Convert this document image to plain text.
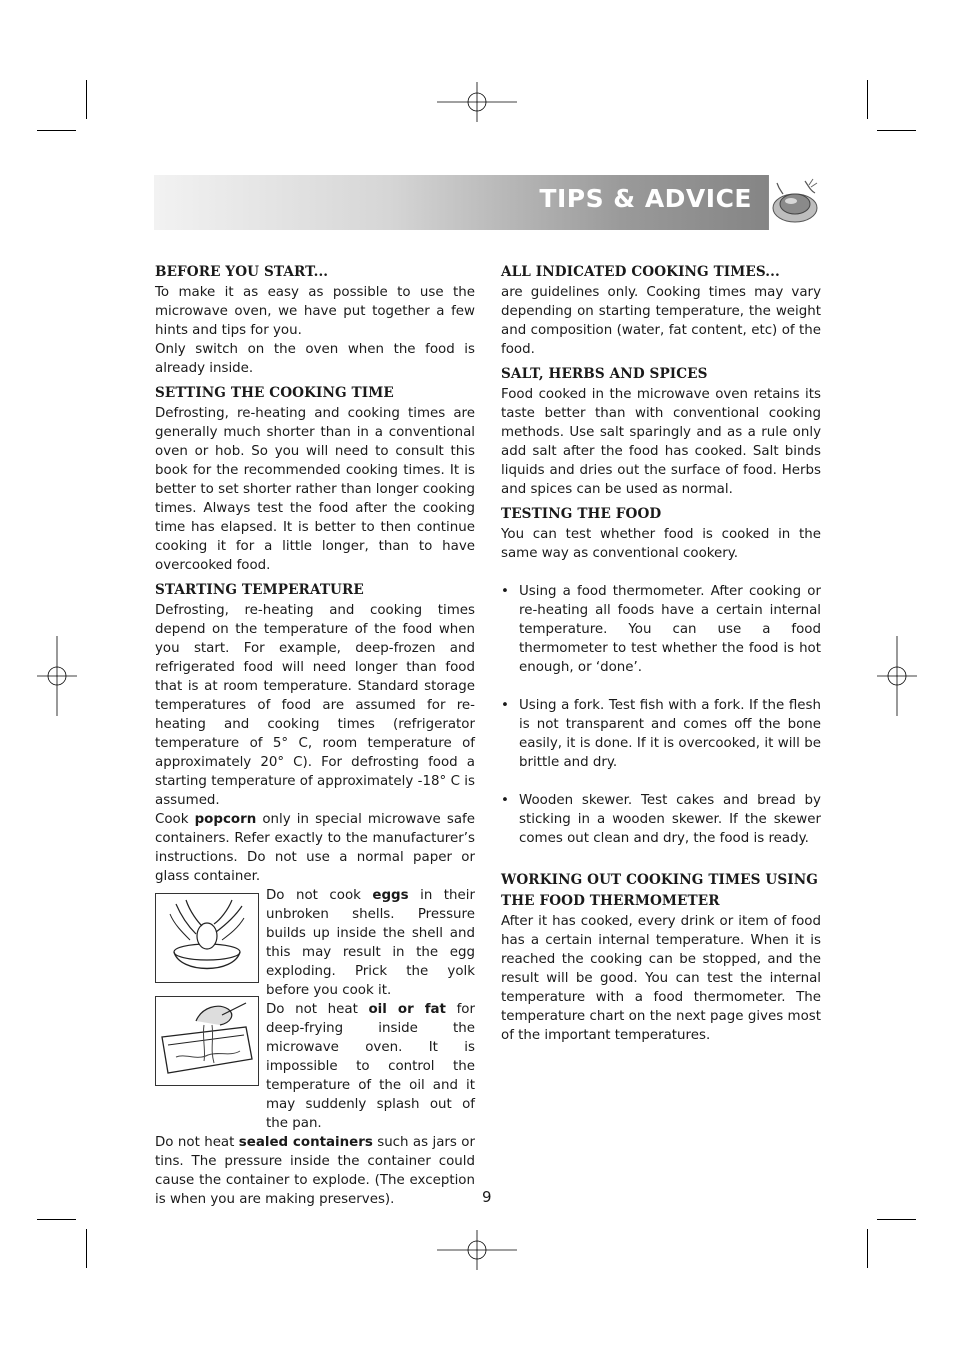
TIPS & ADVICE
BEFORE YOU START...

To make it as easy as possible to use the microwave oven, we have put together a few hints and tips for you.

Only switch on the oven when the food is already inside.

SETTING THE COOKING TIME

Defrosting, re-heating and cooking times are generally much shorter than in a conventional oven or hob. So you will need to consult this book for the recommended cooking times. It is better to set shorter rather than longer cooking times. Always test the food after the cooking time has elapsed. It is better to then continue cooking it for a little longer, than to have overcooked food.

STARTING TEMPERATURE

Defrosting, re-heating and cooking times depend on the temperature of the food when you start. For example, deep-frozen and refrigerated food will need longer than food that is at room temperature. Standard storage temperatures of food are assumed for re-heating and cooking times (refrigerator temperature of 5° C, room temperature of approximately 20° C). For defrosting food a starting temperature of approximately -18° C is assumed.

Cook popcorn only in special microwave safe containers. Refer exactly to the manufacturer’s instructions. Do not use a normal paper or glass container.

Do not cook eggs in their unbroken shells. Pressure builds up inside the shell and this may result in the egg exploding. Prick the yolk before you cook it.

Do not heat oil or fat for deep-frying inside the microwave oven. It is impossible to control the temperature of the oil and it may suddenly splash out of the pan.

Do not heat sealed containers such as jars or tins. The pressure inside the container could cause the container to explode. (The exception is when you are making preserves).

ALL INDICATED COOKING TIMES...

are guidelines only. Cooking times may vary depending on starting temperature, the weight and composition (water, fat content, etc) of the food.

SALT, HERBS AND SPICES

Food cooked in the microwave oven retains its taste better than with conventional cooking methods. Use salt sparingly and as a rule only add salt after the food has cooked. Salt binds liquids and dries out the surface of food. Herbs and spices can be used as normal.

TESTING THE FOOD

You can test whether food is cooked in the same way as conventional cookery.

• Using a food thermometer. After cooking or re-heating all foods have a certain internal temperature. You can use a food thermometer to test whether the food is hot enough, or ‘done’.
• Using a fork. Test fish with a fork. If the flesh is not transparent and comes off the bone easily, it is done. If it is overcooked, it will be brittle and dry.
• Wooden skewer. Test cakes and bread by sticking in a wooden skewer. If the skewer comes out clean and dry, the food is ready.
WORKING OUT COOKING TIMES USING THE FOOD THERMOMETER

After it has cooked, every drink or item of food has a certain internal temperature. When it is reached the cooking can be stopped, and the result will be good. You can test the internal temperature with a food thermometer. The temperature chart on the next page gives most of the important temperatures.

9
